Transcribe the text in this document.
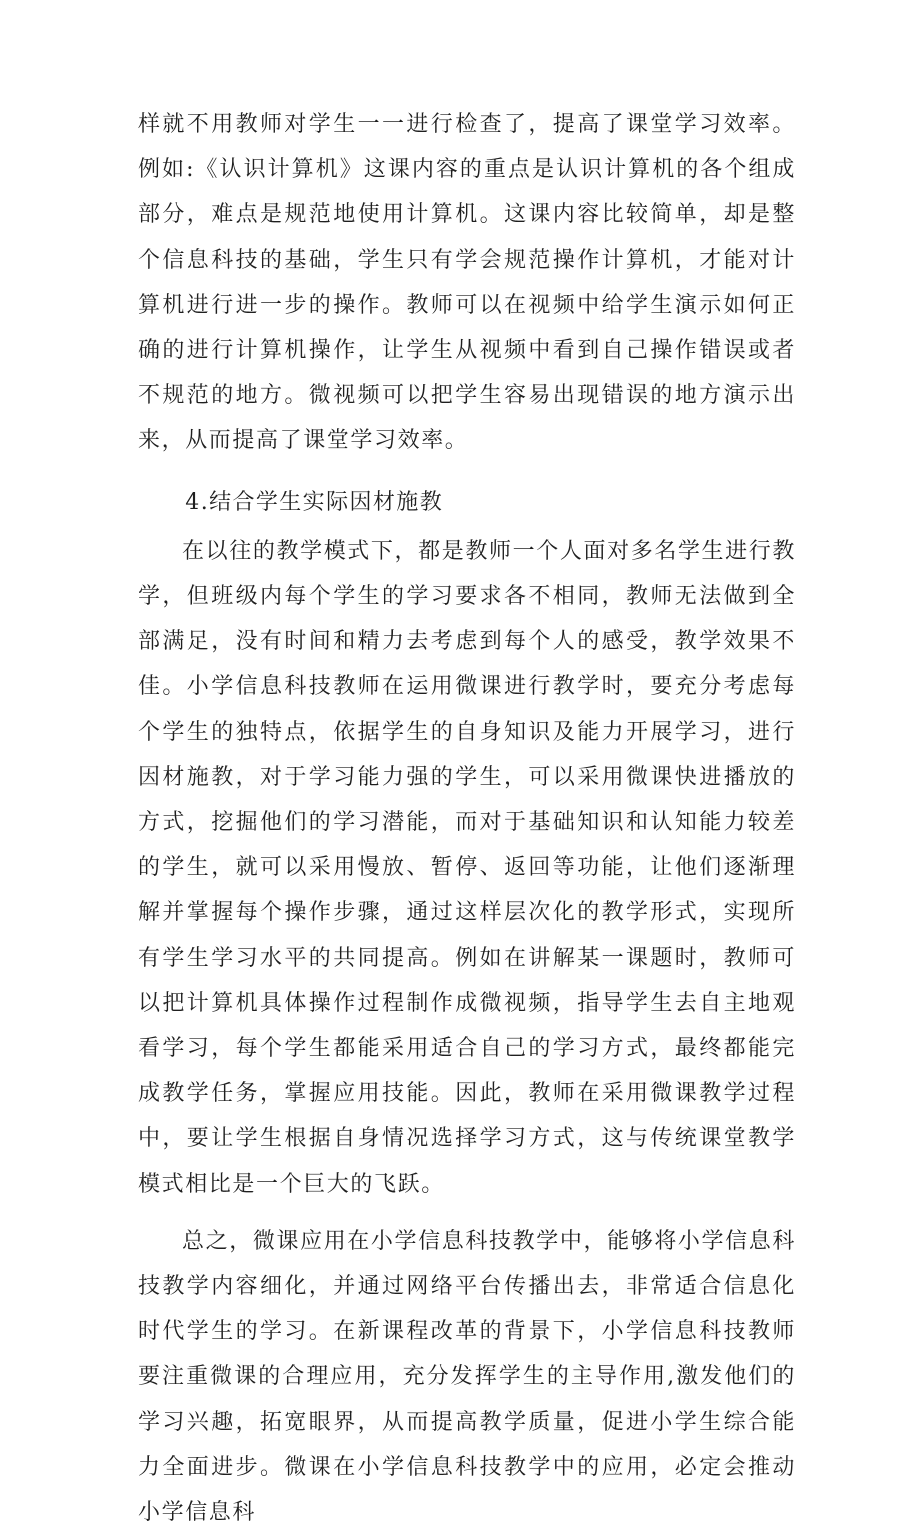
样就不用教师对学生一一进行检查了，提高了课堂学习效率。例如:《认识计算机》这课内容的重点是认识计算机的各个组成部分，难点是规范地使用计算机。这课内容比较简单，却是整个信息科技的基础，学生只有学会规范操作计算机，才能对计算机进行进一步的操作。教师可以在视频中给学生演示如何正确的进行计算机操作，让学生从视频中看到自己操作错误或者不规范的地方。微视频可以把学生容易出现错误的地方演示出来，从而提高了课堂学习效率。

4.结合学生实际因材施教

在以往的教学模式下，都是教师一个人面对多名学生进行教学，但班级内每个学生的学习要求各不相同，教师无法做到全部满足，没有时间和精力去考虑到每个人的感受，教学效果不佳。小学信息科技教师在运用微课进行教学时，要充分考虑每个学生的独特点，依据学生的自身知识及能力开展学习，进行因材施教，对于学习能力强的学生，可以采用微课快进播放的方式，挖掘他们的学习潜能，而对于基础知识和认知能力较差的学生，就可以采用慢放、暂停、返回等功能，让他们逐渐理解并掌握每个操作步骤，通过这样层次化的教学形式，实现所有学生学习水平的共同提高。例如在讲解某一课题时，教师可以把计算机具体操作过程制作成微视频，指导学生去自主地观看学习，每个学生都能采用适合自己的学习方式，最终都能完成教学任务，掌握应用技能。因此，教师在采用微课教学过程中，要让学生根据自身情况选择学习方式，这与传统课堂教学模式相比是一个巨大的飞跃。

总之，微课应用在小学信息科技教学中，能够将小学信息科技教学内容细化，并通过网络平台传播出去，非常适合信息化时代学生的学习。在新课程改革的背景下，小学信息科技教师要注重微课的合理应用，充分发挥学生的主导作用,激发他们的学习兴趣，拓宽眼界，从而提高教学质量，促进小学生综合能力全面进步。微课在小学信息科技教学中的应用，必定会推动小学信息科
